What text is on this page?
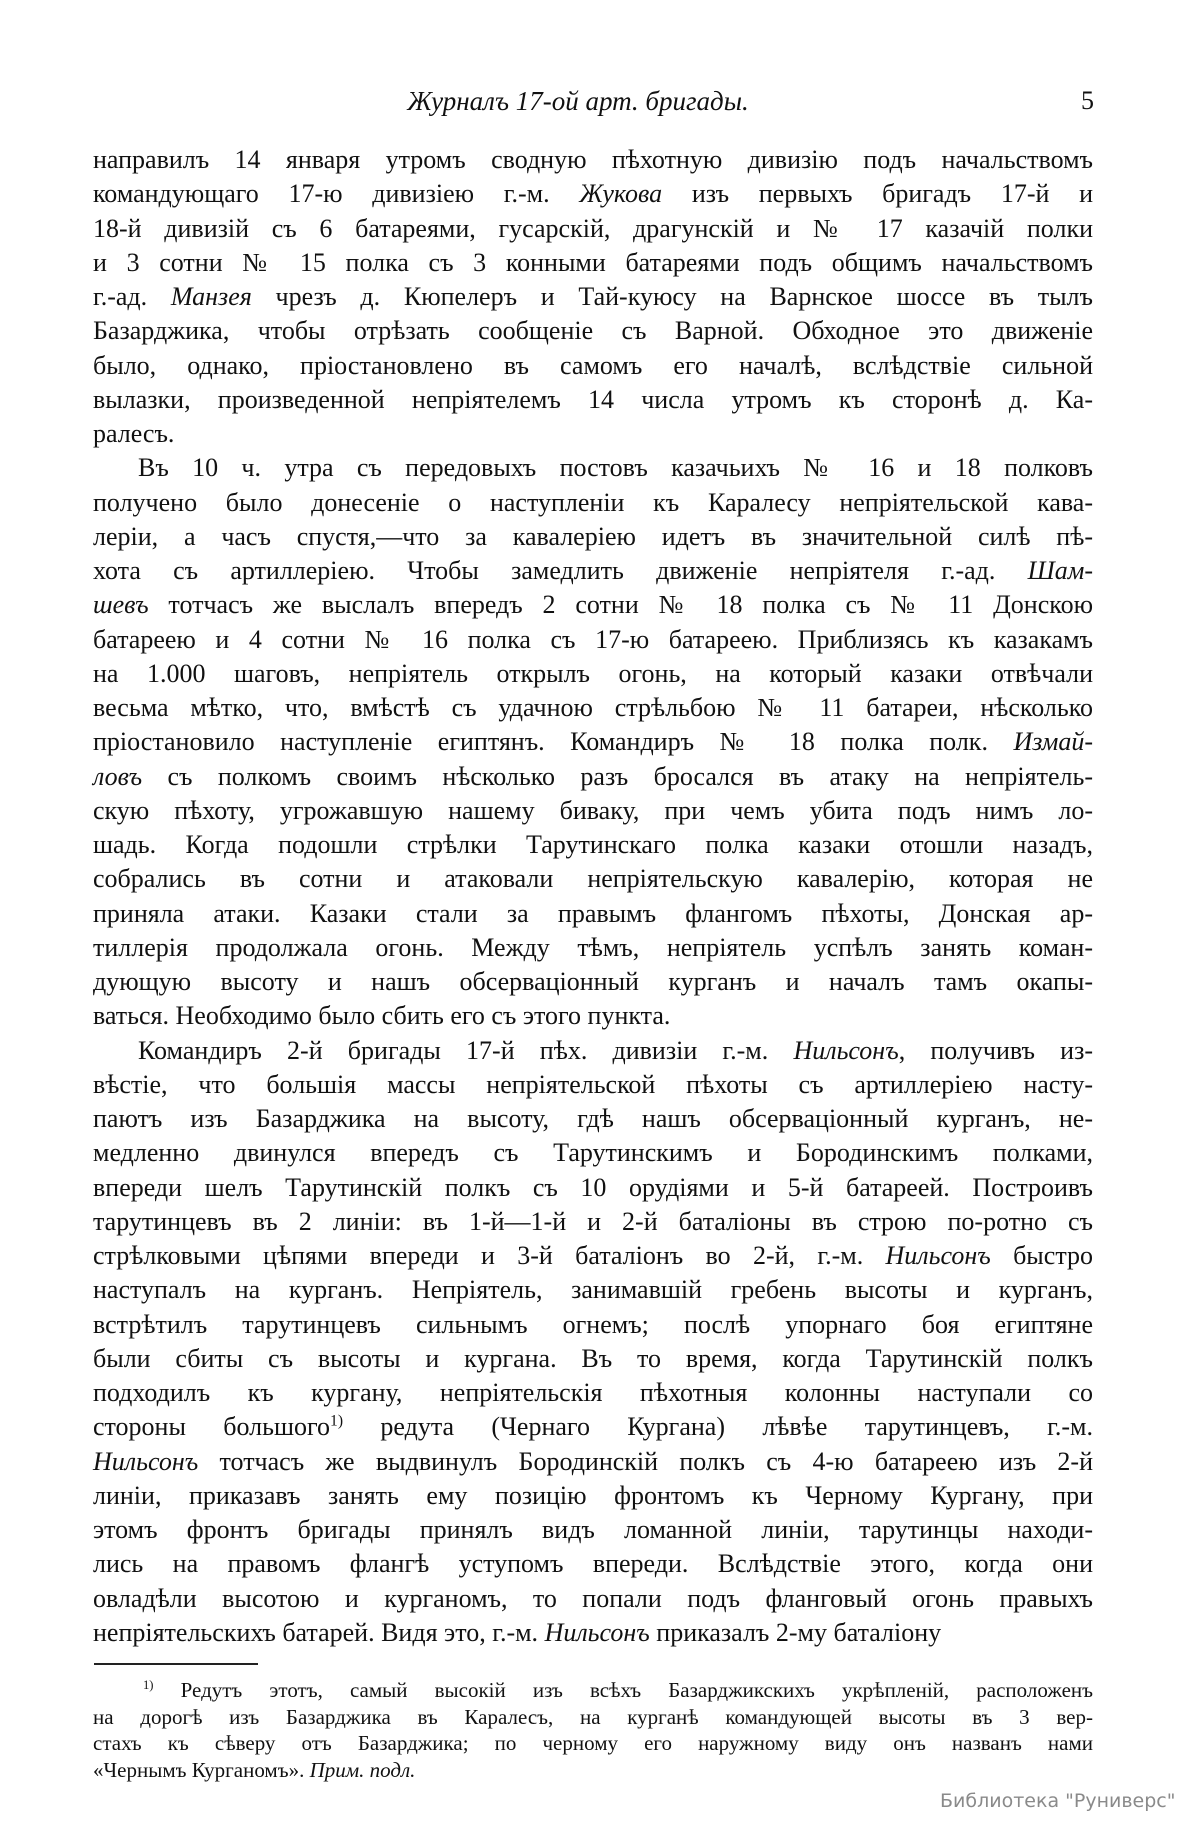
Журналъ 17-ой арт. бригады.	5
направилъ 14 января утромъ сводную пѣхотную дивизію подъ начальствомъ
командующаго 17-ю дивизіею г.-м. Жукова изъ первыхъ бригадъ 17-й и
18-й дивизій съ 6 батареями, гусарскій, драгунскій и № 17 казачій полки
и 3 сотни № 15 полка съ 3 конными батареями подъ общимъ начальствомъ
г.-ад. Манзея чрезъ д. Кюпелеръ и Тай-куюсу на Варнское шоссе въ тылъ
Базарджика, чтобы отрѣзать сообщеніе съ Варной. Обходное это движеніе
было, однако, пріостановлено въ самомъ его началѣ, вслѣдствіе сильной
вылазки, произведенной непріятелемъ 14 числа утромъ къ сторонѣ д. Ка-
ралесъ.
Въ 10 ч. утра съ передовыхъ постовъ казачьихъ № 16 и 18 полковъ
получено было донесеніе о наступленіи къ Каралесу непріятельской кава-
леріи, а часъ спустя,—что за кавалеріею идетъ въ значительной силѣ пѣ-
хота съ артиллеріею. Чтобы замедлить движеніе непріятеля г.-ад. Шам-
шевъ тотчасъ же выслалъ впередъ 2 сотни № 18 полка съ № 11 Донскою
батареею и 4 сотни № 16 полка съ 17-ю батареею. Приблизясь къ казакамъ
на 1.000 шаговъ, непріятель открылъ огонь, на который казаки отвѣчали
весьма мѣтко, что, вмѣстѣ съ удачною стрѣльбою № 11 батареи, нѣсколько
пріостановило наступленіе египтянъ. Командиръ № 18 полка полк. Измай-
ловъ съ полкомъ своимъ нѣсколько разъ бросался въ атаку на непріятель-
скую пѣхоту, угрожавшую нашему биваку, при чемъ убита подъ нимъ ло-
шадь. Когда подошли стрѣлки Тарутинскаго полка казаки отошли назадъ,
собрались въ сотни и атаковали непріятельскую кавалерію, которая не
приняла атаки. Казаки стали за правымъ флангомъ пѣхоты, Донская ар-
тиллерія продолжала огонь. Между тѣмъ, непріятель успѣлъ занять коман-
дующую высоту и нашъ обсерваціонный курганъ и началъ тамъ окапы-
ваться. Необходимо было сбить его съ этого пункта.
Командиръ 2-й бригады 17-й пѣх. дивизіи г.-м. Нильсонъ, получивъ из-
вѣстіе, что большія массы непріятельской пѣхоты съ артиллеріею насту-
паютъ изъ Базарджика на высоту, гдѣ нашъ обсерваціонный курганъ, не-
медленно двинулся впередъ съ Тарутинскимъ и Бородинскимъ полками,
впереди шелъ Тарутинскій полкъ съ 10 орудіями и 5-й батареей. Построивъ
тарутинцевъ въ 2 линіи: въ 1-й—1-й и 2-й баталіоны въ строю по-ротно съ
стрѣлковыми цѣпями впереди и 3-й баталіонъ во 2-й, г.-м. Нильсонъ быстро
наступалъ на курганъ. Непріятель, занимавшій гребень высоты и курганъ,
встрѣтилъ тарутинцевъ сильнымъ огнемъ; послѣ упорнаго боя египтяне
были сбиты съ высоты и кургана. Въ то время, когда Тарутинскій полкъ
подходилъ къ кургану, непріятельскія пѣхотныя колонны наступали со
стороны большого$^{1)}$ редута (Чернаго Кургана) лѣвѣе тарутинцевъ, г.-м.
Нильсонъ тотчасъ же выдвинулъ Бородинскій полкъ съ 4-ю батареею изъ 2-й
линіи, приказавъ занять ему позицію фронтомъ къ Черному Кургану, при
этомъ фронтъ бригады принялъ видъ ломанной линіи, тарутинцы находи-
лись на правомъ флангѣ уступомъ впереди. Вслѣдствіе этого, когда они
овладѣли высотою и курганомъ, то попали подъ фланговый огонь правыхъ
непріятельскихъ батарей. Видя это, г.-м. Нильсонъ приказалъ 2-му баталіону
$^{1)}$ Редутъ этотъ, самый высокій изъ всѣхъ Базарджикскихъ укрѣпленій, расположенъ
на дорогѣ изъ Базарджика въ Каралесъ, на курганѣ командующей высоты въ 3 вер-
стахъ къ сѣверу отъ Базарджика; по черному его наружному виду онъ названъ нами
«Чернымъ Курганомъ». Прим. подл.
Библиотека "Руниверс"
